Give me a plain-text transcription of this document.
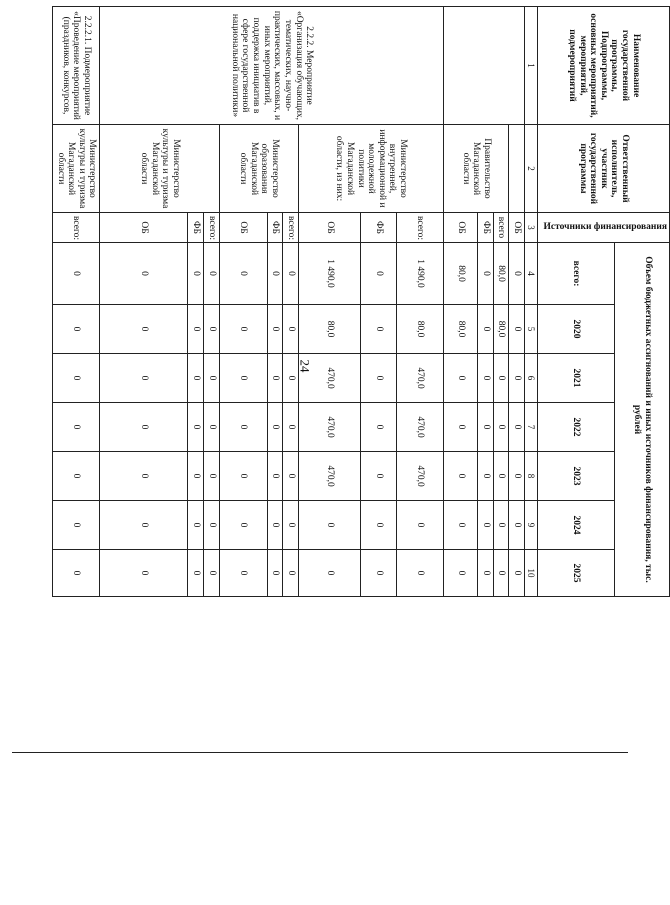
24
Наименование государственной программы, Подпрограммы, основных мероприятий, мероприятий, подмероприятий	Ответственный исполнитель, участник государственной программы	Источники финансирования	Объем бюджетных ассигнований и иных источников финансирования, тыс. рублей						
			всего:	2020	2021	2022	2023	2024	2025
1	2	3	4	5	6	7	8	9	10
		ОБ	0	0	0	0	0	0	0
	Правительство Магаданской области	всего	80,0	80,0	0	0	0	0	0
		ФБ	0	0	0	0	0	0	0
		ОБ	80,0	80,0	0	0	0	0	0
2.2.2. Мероприятие «Организация обучающих, тематических, научно-практических, массовых, и иных мероприятий, поддержка инициатив в сфере государственной национальной политики»	Министерство внутренней, информационной и молодежной политики Магаданской области, из них:	всего:	1 490,0	80,0	470,0	470,0	470,0	0	0
		ФБ	0	0	0	0	0	0	0
		ОБ	1 490,0	80,0	470,0	470,0	470,0	0	0
	Министерство образования Магаданской области	всего:	0	0	0	0	0	0	0
		ФБ	0	0	0	0	0	0	0
		ОБ	0	0	0	0	0	0	0
	Министерство культуры и туризма Магаданской области	всего:	0	0	0	0	0	0	0
		ФБ	0	0	0	0	0	0	0
		ОБ	0	0	0	0	0	0	0
2.2.2.1. Подмероприятие «Проведение мероприятий (праздников, конкурсов,	Министерство культуры и туризма Магаданской области	всего:	0	0	0	0	0	0	0
